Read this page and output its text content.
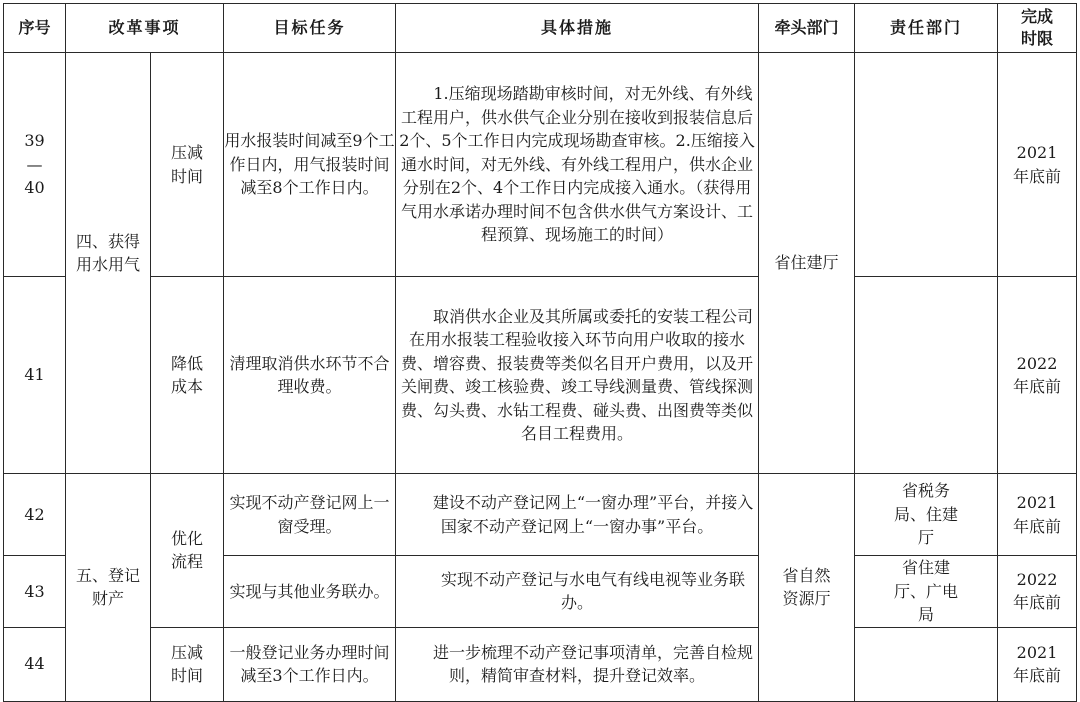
序号	改革事项		目标任务	具体措施	牵头部门	责任部门	完成时限

39—40	四、获得用水用气	压减时间	用水报装时间减至9个工作日内，用气报装时间减至8个工作日内。	1.压缩现场踏勘审核时间，对无外线、有外线工程用户，供水供气企业分别在接收到报装信息后2个、5个工作日内完成现场勘查审核。2.压缩接入通水时间，对无外线、有外线工程用户，供水企业分别在2个、4个工作日内完成接入通水。（获得用气用水承诺办理时间不包含供水供气方案设计、工程预算、现场施工的时间）	省住建厅		2021年底前

41		降低成本	清理取消供水环节不合理收费。	取消供水企业及其所属或委托的安装工程公司在用水报装工程验收接入环节向用户收取的接水费、增容费、报装费等类似名目开户费用，以及开关闸费、竣工核验费、竣工导线测量费、管线探测费、勾头费、水钻工程费、碰头费、出图费等类似名目工程费用。			2022年底前

42	五、登记财产	优化流程	实现不动产登记网上一窗受理。	建设不动产登记网上“一窗办理”平台，并接入国家不动产登记网上“一窗办事”平台。	省自然资源厅	省税务局、住建厅	2021年底前

43			实现与其他业务联办。	实现不动产登记与水电气有线电视等业务联办。		省住建厅、广电局	2022年底前

44		压减时间	一般登记业务办理时间减至3个工作日内。	进一步梳理不动产登记事项清单，完善自检规则，精简审查材料，提升登记效率。			2021年底前
